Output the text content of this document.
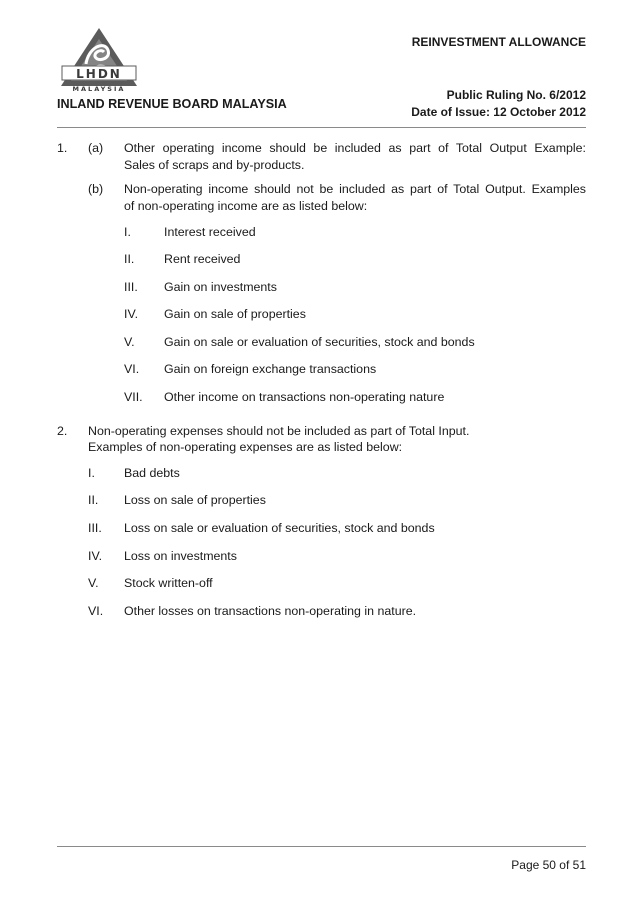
REINVESTMENT ALLOWANCE
LHDN
MALAYSIA	Public Ruling No. 6/2012
Date of Issue: 12 October 2012
INLAND REVENUE BOARD MALAYSIA
1. (a) Other operating income should be included as part of Total Output Example:
Sales of scraps and by-products.
(b) Non-operating income should not be included as part of Total Output. Examples
of non-operating income are as listed below:
I.	Interest received
II. Rent received
III. Gain on investments
IV. Gain on sale of properties
V. Gain on sale or evaluation of securities, stock and bonds
VI. Gain on foreign exchange transactions
VII. Other income on transactions non-operating nature
2. Non-operating expenses should not be included as part of Total Input.
Examples of non-operating expenses are as listed below:
I. Bad debts
II. Loss on sale of properties
III. Loss on sale or evaluation of securities, stock and bonds
IV. Loss on investments
V. Stock written-off
VI. Other losses on transactions non-operating in nature.
Page 50 of 51
